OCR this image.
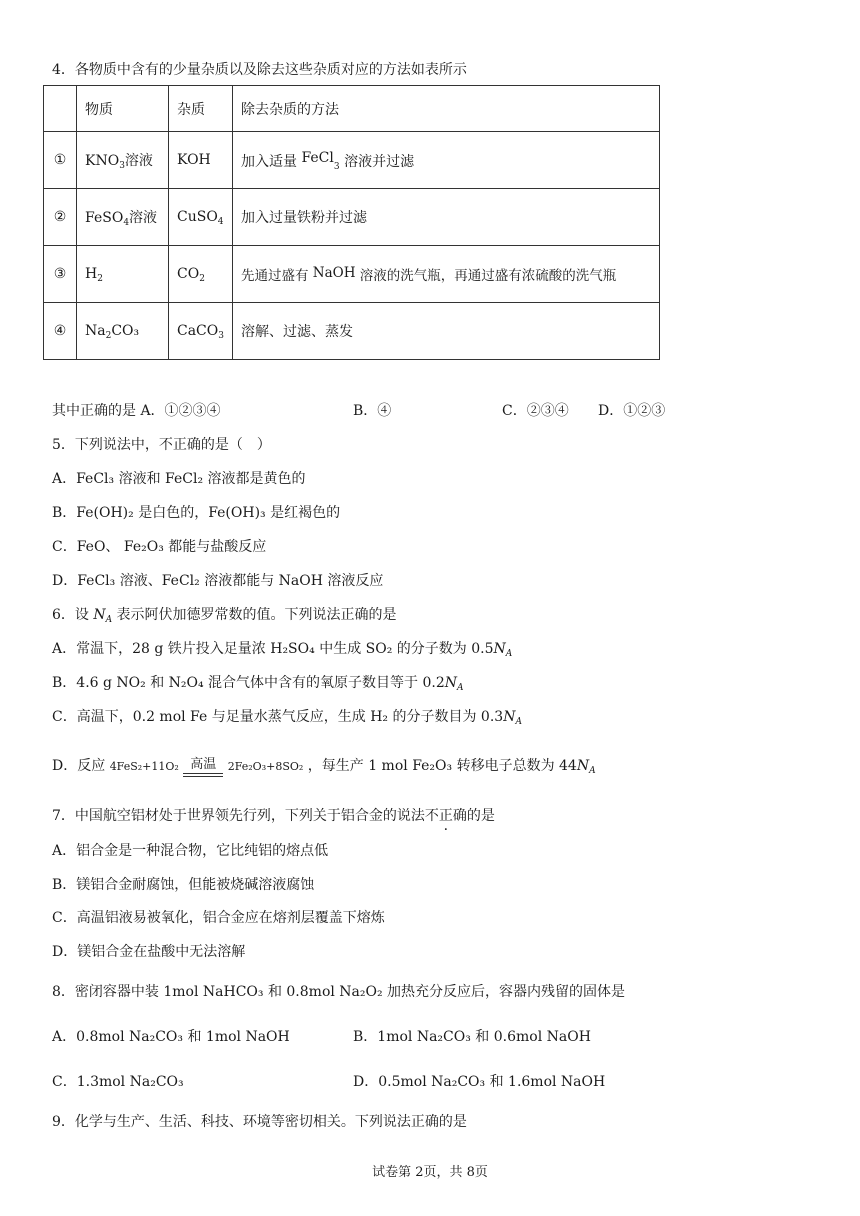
4．各物质中含有的少量杂质以及除去这些杂质对应的方法如表所示
	物质	杂质	除去杂质的方法
①	$KNO_3$溶液	KOH	加入适量 FeCl$_3$ 溶液并过滤
②	FeSO$_4$溶液	CuSO$_4$	加入过量铁粉并过滤
③	$H_2$	$CO_2$	先通过盛有 NaOH 溶液的洗气瓶，再通过盛有浓硫酸的洗气瓶
④	$Na_2CO_3$	CaCO$_3$	溶解、过滤、蒸发
其中正确的是 A．①②③④	B．④	C．②③④ D．①②③
5．下列说法中，不正确的是（　）
A．FeCl₃ 溶液和 FeCl₂ 溶液都是黄色的
B．Fe(OH)₂ 是白色的，Fe(OH)₃ 是红褐色的
C．FeO、 Fe₂O₃ 都能与盐酸反应
D．FeCl₃ 溶液、FeCl₂ 溶液都能与 NaOH 溶液反应
6．设 $N_A$ 表示阿伏加德罗常数的值。下列说法正确的是
A．常温下，28 g 铁片投入足量浓 H₂SO₄ 中生成 SO₂ 的分子数为 $0.5N_A$
B．4.6 g NO₂ 和 N₂O₄ 混合气体中含有的氧原子数目等于 $0.2N_A$
C．高温下，0.2 mol Fe 与足量水蒸气反应，生成 H₂ 的分子数目为 $0.3N_A$
D．反应 4FeS₂+11O₂ 高温	2Fe₂O₃+8SO₂ ，每生产 1 mol Fe₂O₃ 转移电子总数为 $44N_A$
7．中国航空铝材处于世界领先行列，下列关于铝合金的说法不正确的是
A．铝合金是一种混合物，它比纯铝的熔点低
B．镁铝合金耐腐蚀，但能被烧碱溶液腐蚀
C．高温铝液易被氧化，铝合金应在熔剂层覆盖下熔炼
D．镁铝合金在盐酸中无法溶解
8．密闭容器中装 1mol NaHCO₃ 和 0.8mol Na₂O₂ 加热充分反应后，容器内残留的固体是
A．0.8mol Na₂CO₃ 和 1mol NaOH	B．1mol Na₂CO₃ 和 0.6mol NaOH
C．1.3mol Na₂CO₃	D．0.5mol Na₂CO₃ 和 1.6mol NaOH
9．化学与生产、生活、科技、环境等密切相关。下列说法正确的是
试卷第 2页，共 8页
